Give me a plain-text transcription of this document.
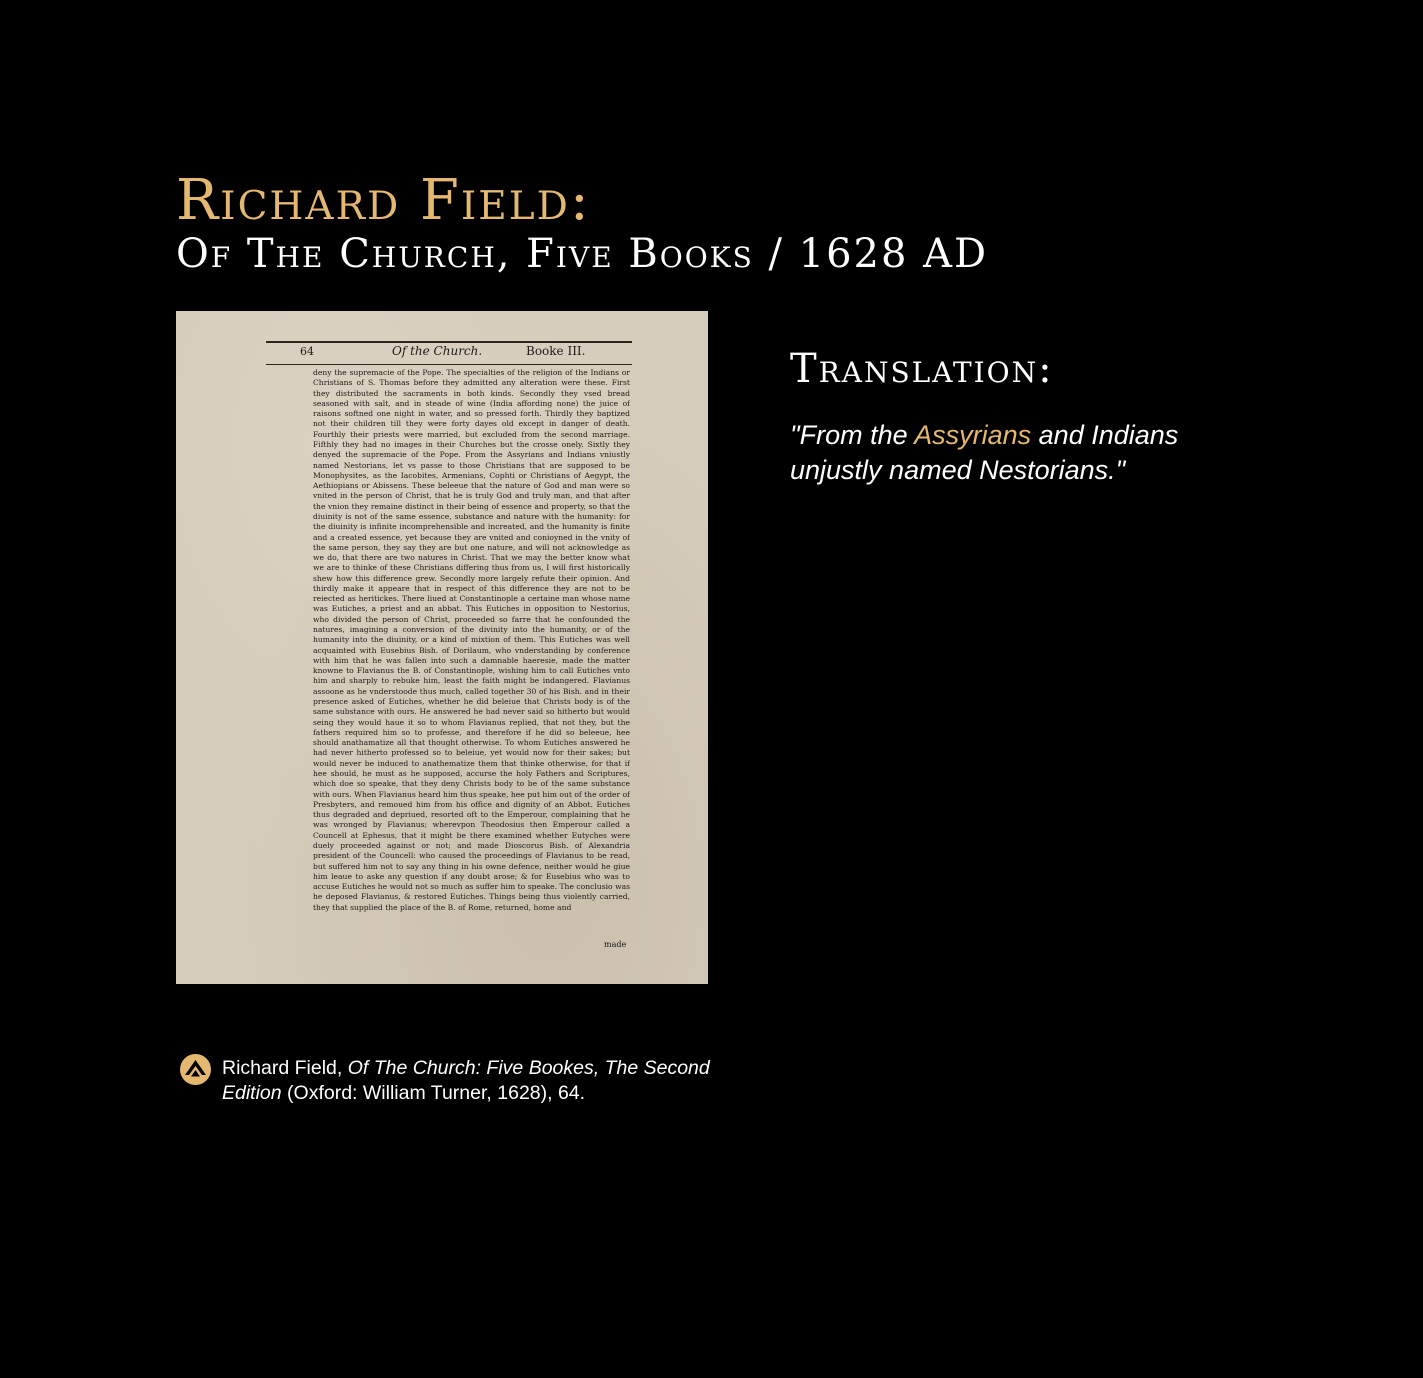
Richard Field:
Of The Church, Five Books / 1628 AD
64	Of the Church.	Booke III.
deny the supremacie of the Pope. The specialties of the religion of the Indians or Christians of S. Thomas before they admitted any alteration were these. First they distributed the sacraments in both kinds. Secondly they vsed bread seasoned with salt, and in steade of wine (India affording none) the juice of raisons softned one night in water, and so pressed forth. Thirdly they baptized not their children till they were forty dayes old except in danger of death. Fourthly their priests were married, but excluded from the second marriage. Fifthly they had no images in their Churches but the crosse onely. Sixtly they denyed the supremacie of the Pope. From the Assyrians and Indians vniustly named Nestorians, let vs passe to those Christians that are supposed to be Monophysites, as the Iacobites, Armenians, Cophti or Christians of Aegypt, the Aethiopians or Abissens. These beleeue that the nature of God and man were so vnited in the person of Christ, that he is truly God and truly man, and that after the vnion they remaine distinct in their being of essence and property, so that the diuinity is not of the same essence, substance and nature with the humanity: for the diuinity is infinite incomprehensible and increated, and the humanity is finite and a created essence, yet because they are vnited and conioyned in the vnity of the same person, they say they are but one nature, and will not acknowledge as we do, that there are two natures in Christ. That we may the better know what we are to thinke of these Christians differing thus from us, I will first historically shew how this difference grew. Secondly more largely refute their opinion. And thirdly make it appeare that in respect of this difference they are not to be reiected as heritickes. There liued at Constantinople a certaine man whose name was Eutiches, a priest and an abbat. This Eutiches in opposition to Nestorius, who divided the person of Christ, proceeded so farre that he confounded the natures, imagining a conversion of the divinity into the humanity, or of the humanity into the diuinity, or a kind of mixtion of them. This Eutiches was well acquainted with Eusebius Bish. of Dorilaum, who vnderstanding by conference with him that he was fallen into such a damnable haeresie, made the matter knowne to Flavianus the B. of Constantinople, wishing him to call Eutiches vnto him and sharply to rebuke him, least the faith might be indangered. Flavianus assoone as he vnderstoode thus much, called together 30 of his Bish. and in their presence asked of Eutiches, whether he did beleiue that Christs body is of the same substance with ours. He answered he had never said so hitherto but would seing they would haue it so to whom Flavianus replied, that not they, but the fathers required him so to professe, and therefore if he did so beleeue, hee should anathamatize all that thought otherwise. To whom Eutiches answered he had never hitherto professed so to beleiue, yet would now for their sakes; but would never be induced to anathematize them that thinke otherwise, for that if hee should, he must as he supposed, accurse the holy Fathers and Scriptures, which doe so speake, that they deny Christs body to be of the same substance with ours. When Flavianus heard him thus speake, hee put him out of the order of Presbyters, and remoued him from his office and dignity of an Abbot. Eutiches thus degraded and depriued, resorted oft to the Emperour, complaining that he was wronged by Flavianus; wherevpon Theodosius then Emperour called a Councell at Ephesus, that it might be there examined whether Eutyches were duely proceeded against or not; and made Dioscorus Bish. of Alexandria president of the Councell: who caused the proceedings of Flavianus to be read, but suffered him not to say any thing in his owne defence, neither would he giue him leaue to aske any question if any doubt arose; & for Eusebius who was to accuse Eutiches he would not so much as suffer him to speake. The conclusio was he deposed Flavianus, & restored Eutiches. Things being thus violently carried, they that supplied the place of the B. of Rome, returned, home and
made
Translation:
"From the Assyrians and Indians unjustly named Nestorians."
Richard Field, Of The Church: Five Bookes, The Second Edition (Oxford: William Turner, 1628), 64.
